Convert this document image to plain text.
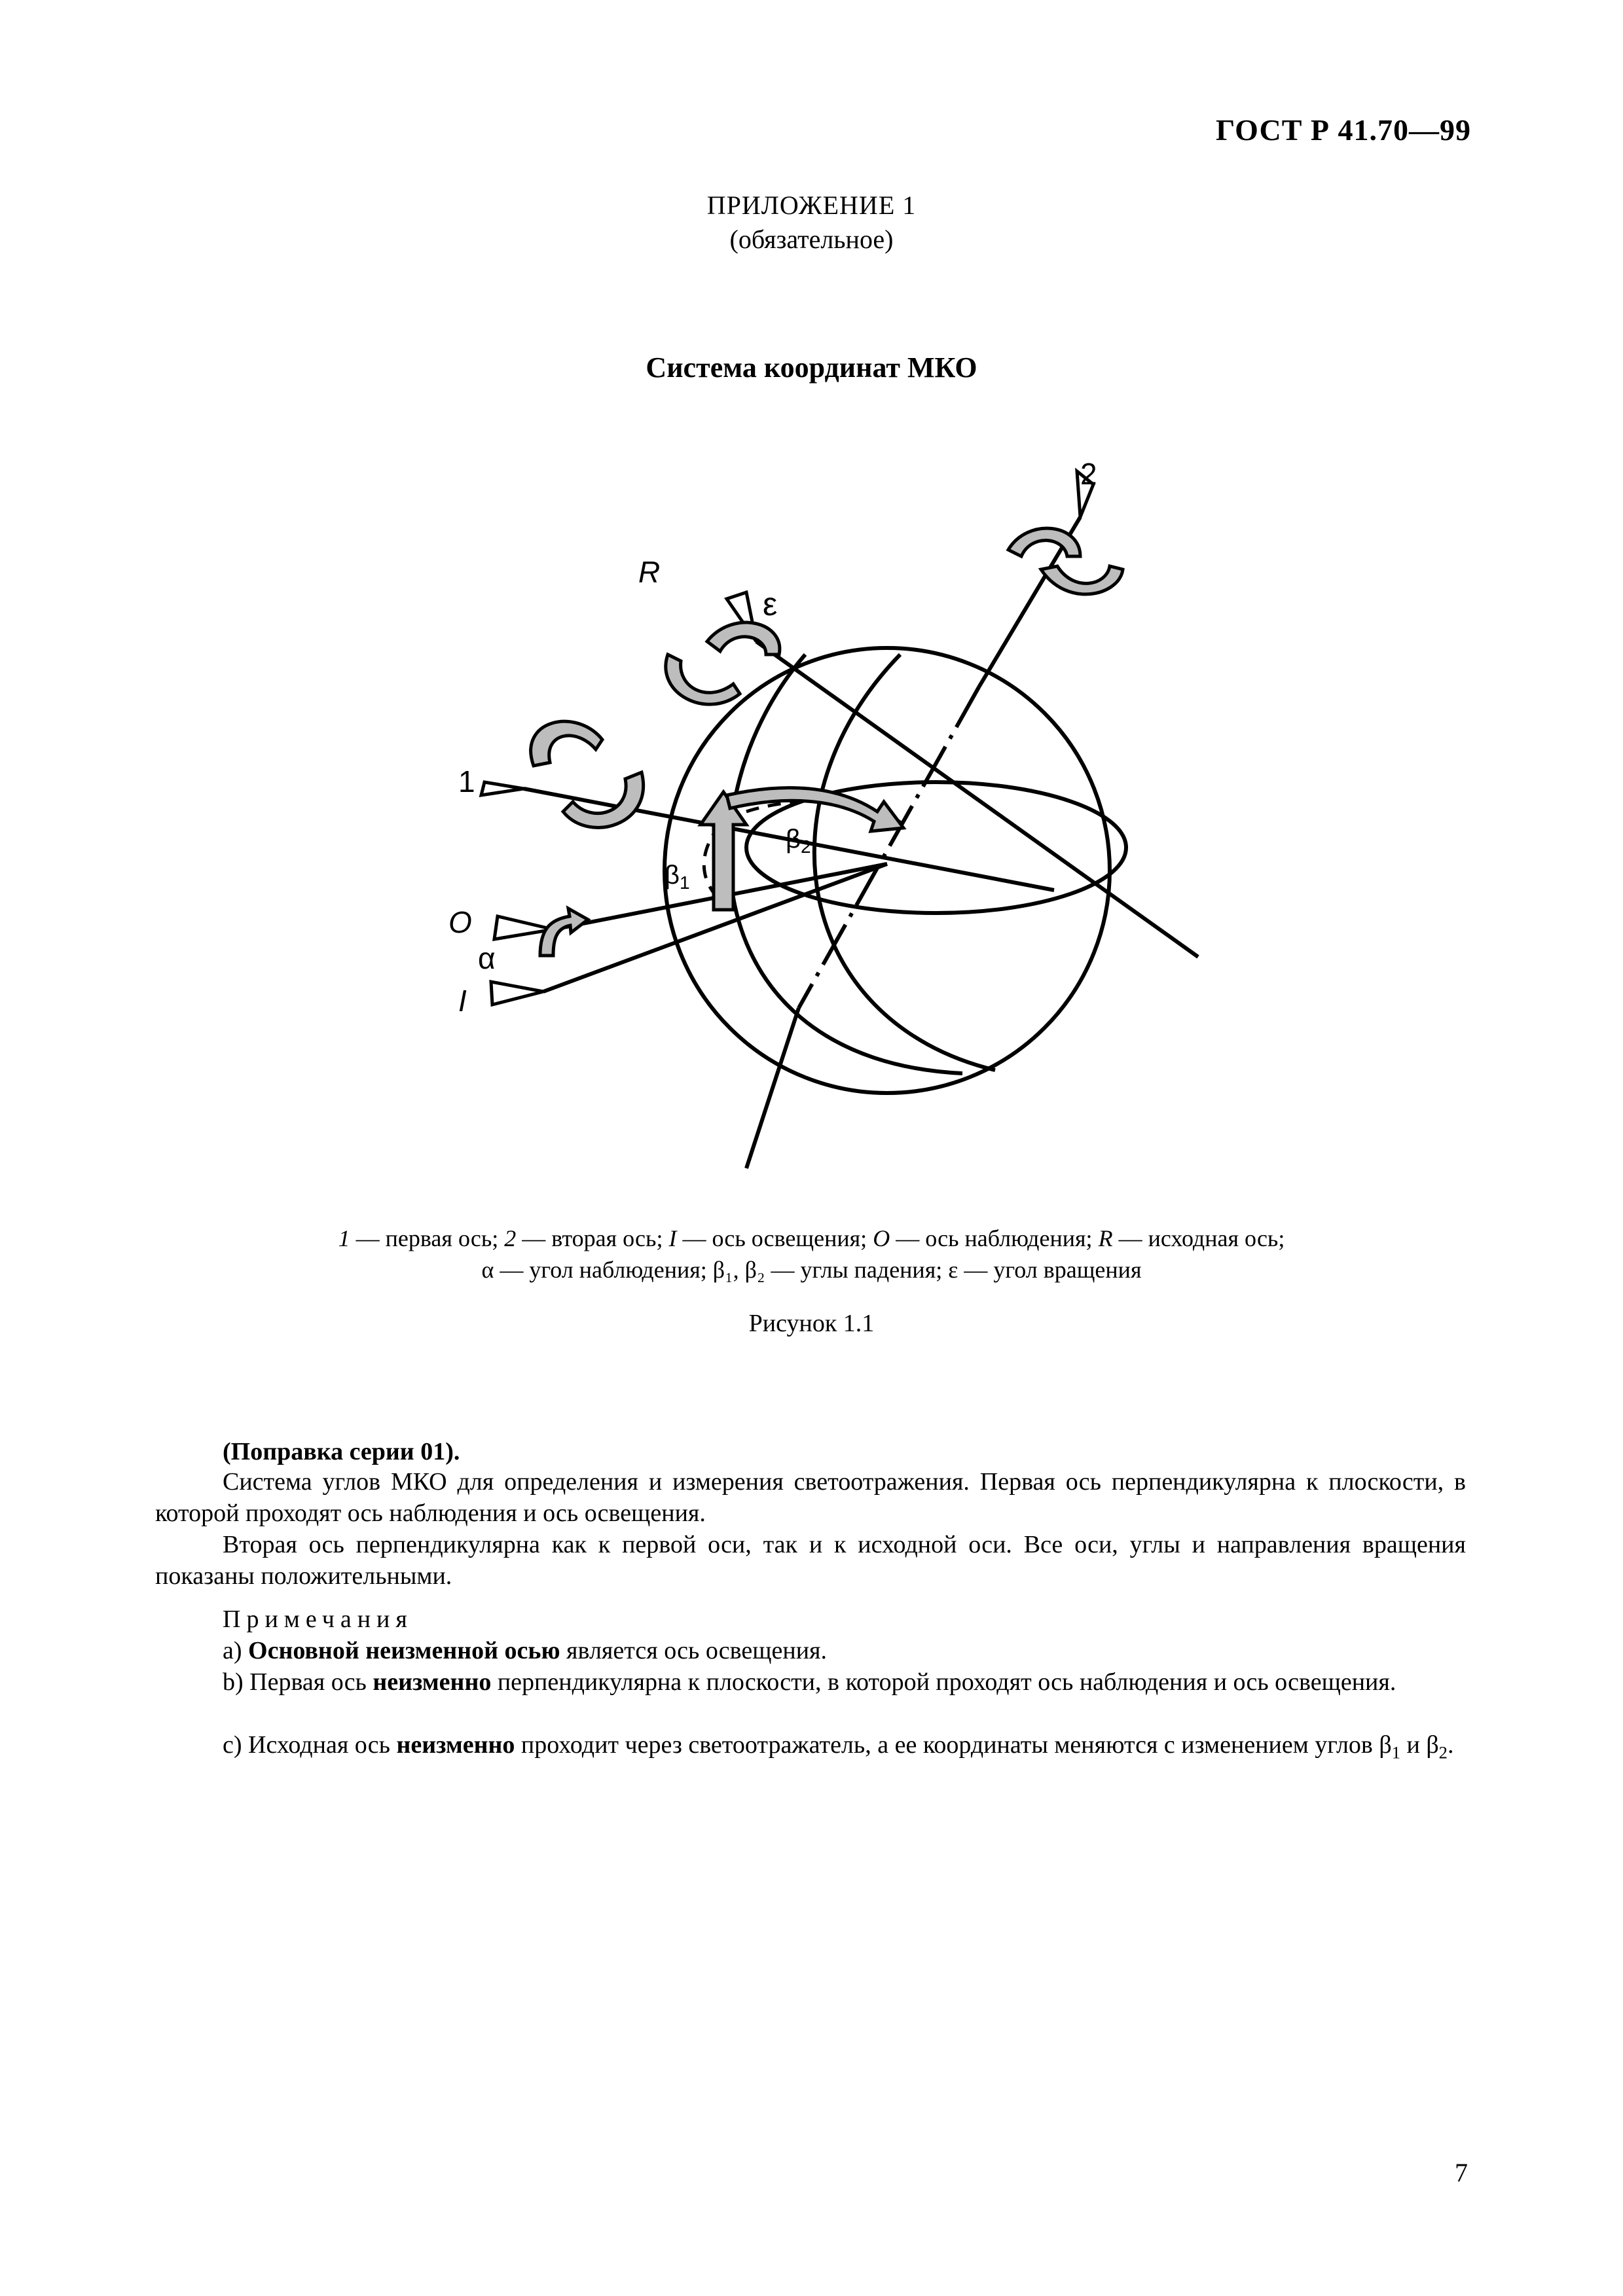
ГОСТ Р 41.70—99
ПРИЛОЖЕНИЕ 1
(обязательное)
Система координат МКО
1
2
R
ε
O
I
α
$\beta_1$
$\beta_2$
1 — первая ось; 2 — вторая ось; I — ось освещения; O — ось наблюдения; R — исходная ось;
α — угол наблюдения; β₁, β₂ — углы падения; ε — угол вращения
Рисунок 1.1
(Поправка серии 01).
Система углов МКО для определения и измерения светоотражения. Первая ось перпендикулярна к плоскости, в которой проходят ось наблюдения и ось освещения.
Вторая ось перпендикулярна как к первой оси, так и к исходной оси. Все оси, углы и направления вращения показаны положительными.
Примечания
а) Основной неизменной осью является ось освещения.
b) Первая ось неизменно перпендикулярна к плоскости, в которой проходят ось наблюдения и ось освещения.
c) Исходная ось неизменно проходит через светоотражатель, а ее координаты меняются с изменением углов $\beta_1$ и $\beta_2$.
7
